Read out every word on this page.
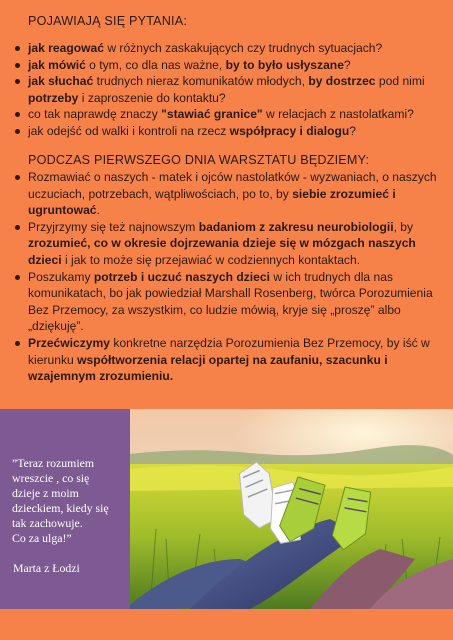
POJAWIAJĄ SIĘ PYTANIA:
jak reagować w różnych zaskakujących czy trudnych sytuacjach?
jak mówić o tym, co dla nas ważne, by to było usłyszane?
jak słuchać trudnych nieraz komunikatów młodych, by dostrzec pod nimi potrzeby i zaproszenie do kontaktu?
co tak naprawdę znaczy "stawiać granice" w relacjach z nastolatkami?
jak odejść od walki i kontroli na rzecz współpracy i dialogu?
PODCZAS PIERWSZEGO DNIA WARSZTATU BĘDZIEMY:
Rozmawiać o naszych - matek i ojców nastolatków - wyzwaniach, o naszych uczuciach, potrzebach, wątpliwościach, po to, by siebie zrozumieć i ugruntować.
Przyjrzymy się też najnowszym badaniom z zakresu neurobiologii, by zrozumieć, co w okresie dojrzewania dzieje się w mózgach naszych dzieci i jak to może się przejawiać w codziennych kontaktach.
Poszukamy potrzeb i uczuć naszych dzieci w ich trudnych dla nas komunikatach, bo jak powiedział Marshall Rosenberg, twórca Porozumienia Bez Przemocy, za wszystkim, co ludzie mówią, kryje się „proszę” albo „dziękuję”.
Przećwiczymy konkretne narzędzia Porozumienia Bez Przemocy, by iść w kierunku współtworzenia relacji opartej na zaufaniu, szacunku i wzajemnym zrozumieniu.

”Teraz rozumiem
wreszcie , co się
dzieje z moim
dzieckiem, kiedy się
tak zachowuje.
Co za ulga!”

Marta z Łodzi
